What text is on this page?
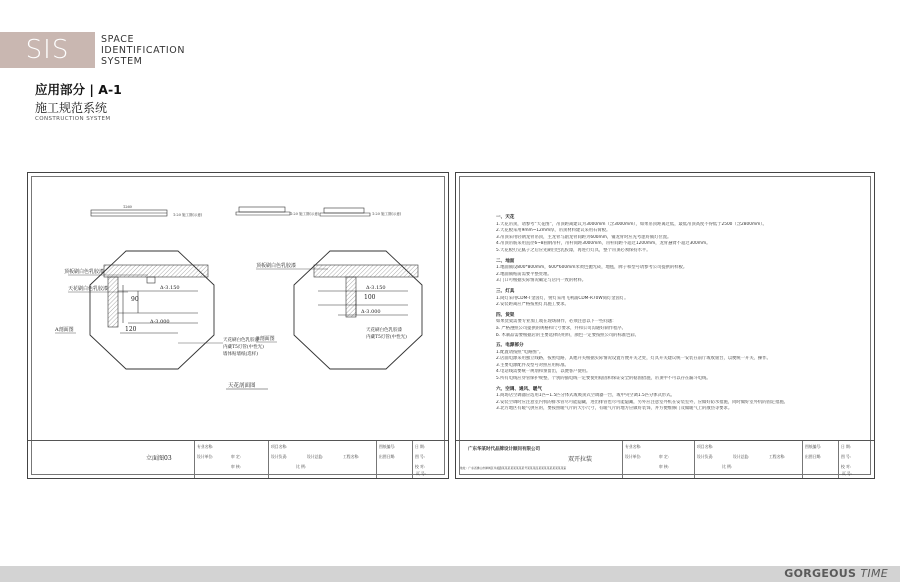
SIS	SPACE
IDENTIFICATION
SYSTEM
应用部分 | A-1
施工规范系统
CONSTRUCTION SYSTEM
1260
1:20 施工图(示意)	1:20 施工图(示意)	1:20 施工图(示意)
90
Δ-3.150
Δ-3.000
120
顶板刷白色乳胶漆
天花刷白色乳胶漆
A剖面图
天花刷白色乳胶漆
内藏T5灯管(中性光)
墙体贴墙纸(选样)
100
Δ-3.150
Δ-3.000
顶板刷白色乳胶漆
天花刷白色乳胶漆
内藏T5灯管(中性光)
B剖面图
天花剖面图
立面图03
专业名称:
设计单位:	审 定:
审 核:
项目名称:
设计负责:	设计总监:	工程名称:
图纸编号:
出图日期:
日 期:
图 号:
校 对:
比 例:
页 号:
一、天花

1.天花吊顶，请参考“天花图”，吊顶距离建议为3000mm（含3000mm），如果吊顶距离过低，最低吊顶高度不得低于2500（含2800mm）。

2.天花板采用9mm~12mm厚，吊顶材料建议采用石膏板。

3.吊顶采用轻钢龙骨吊顶，主龙骨与副龙骨间距为600mm，铺龙骨时应先考虑好铺灯位置。

4.吊顶吊筋采用直径6~8圆钢吊杆，吊杆间距3000mm，吊杆间距不超过1200mm，龙骨悬臂不超过300mm。

5.天花板打完腻子之后应先刷白色乳胶漆，再进行灯具，整个吊顶必须保持水平。

二、地面

1.地面铺设800*800mm，600*600mm米黄色抛光砖，地毯，牌子和型号请参考公司提供的样板。

2.地面铺贴前需要平整处理。

3.门口可根据实际情况确定与店内一致的材料。

三、灯具

1.筒灯采用CDM-T金卤灯，射灯采用飞利浦CDM-R70W筒灯金卤灯。

2.安装距离应严格按照灯具施工要求。

四、货架

如果货架需要专业加工或在现场制作，必须注意以下一些问题：

a. 严格遵照公司提供的规格和尺寸要求，并和公司沟通好制作程序。

b. 木制品需要根据店的主要选择的用料，颜色一定要按照公司的标准色彩。

五、电源部分

1.配置请按照“电路图”。

2.店面电源采用独立线路，按照电路，其他开关根据实际情况设置方便开关之处，灯具开关建议统一安装在前厅或收银台，以便统一开关、操作。

3.主要电源配件及型号对照应用标准。

4.电话线需要统一规划和预留出，以便客户使用。

5.所有电线应穿管保护规整，个别的插电线一定要使用稳固和保证安全的稳固措施，吊顶中不可以存在漏斗电线。

六、空调、通风、暖气

1.商场店空调器应选用1匹~1.5匹分体式或吸顶式空调器一台，或中央空调1.5匹分体式形式。

2.安装空调时应注意室内机的排水管尽可能隐藏，进出排管也尽可能隐藏，另外应注意室外机在安装室外，应做好防水措施，同时做好室外机的固定措施。

3.北方地区有暖气供应的，要按照暖气片的大小尺寸，有暖气片的地方应做好装饰，并方便维修门及做暖气上的散热等要求。

广东华某时代品牌设计顾问有限公司
地址：广东省佛山市禅城区华美路某某某某某某某某号某某某座某某某某某某某某某室
双开拉装
专业名称:
设计单位:	审 定:
审 核:
项目名称:
设计负责:	设计总监:	工程名称:
图纸编号:
出图日期:
日 期:
图 号:
校 对:
比 例:
页 号:
GORGEOUS TIME
